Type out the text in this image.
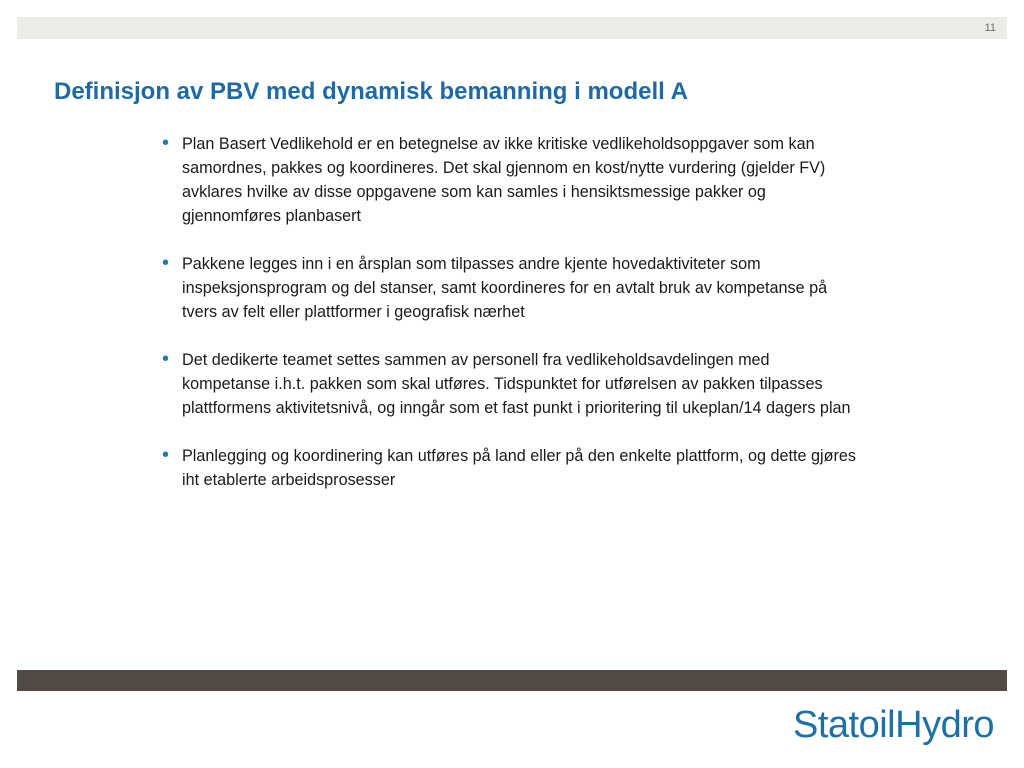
11
Definisjon av PBV med dynamisk bemanning i modell A
• Plan Basert Vedlikehold er en betegnelse av ikke kritiske vedlikeholdsoppgaver som kan samordnes, pakkes og koordineres. Det skal gjennom en kost/nytte vurdering (gjelder FV) avklares hvilke av disse oppgavene som kan samles i hensiktsmessige pakker og gjennomføres planbasert
• Pakkene legges inn i en årsplan som tilpasses andre kjente hovedaktiviteter som inspeksjonsprogram og del stanser, samt koordineres for en avtalt bruk av kompetanse på tvers av felt eller plattformer i geografisk nærhet
• Det dedikerte teamet settes sammen av personell fra vedlikeholdsavdelingen med kompetanse i.h.t. pakken som skal utføres. Tidspunktet for utførelsen av pakken tilpasses plattformens aktivitetsnivå, og inngår som et fast punkt i prioritering til ukeplan/14 dagers plan
• Planlegging og koordinering kan utføres på land eller på den enkelte plattform, og dette gjøres iht etablerte arbeidsprosesser
StatoilHydro
